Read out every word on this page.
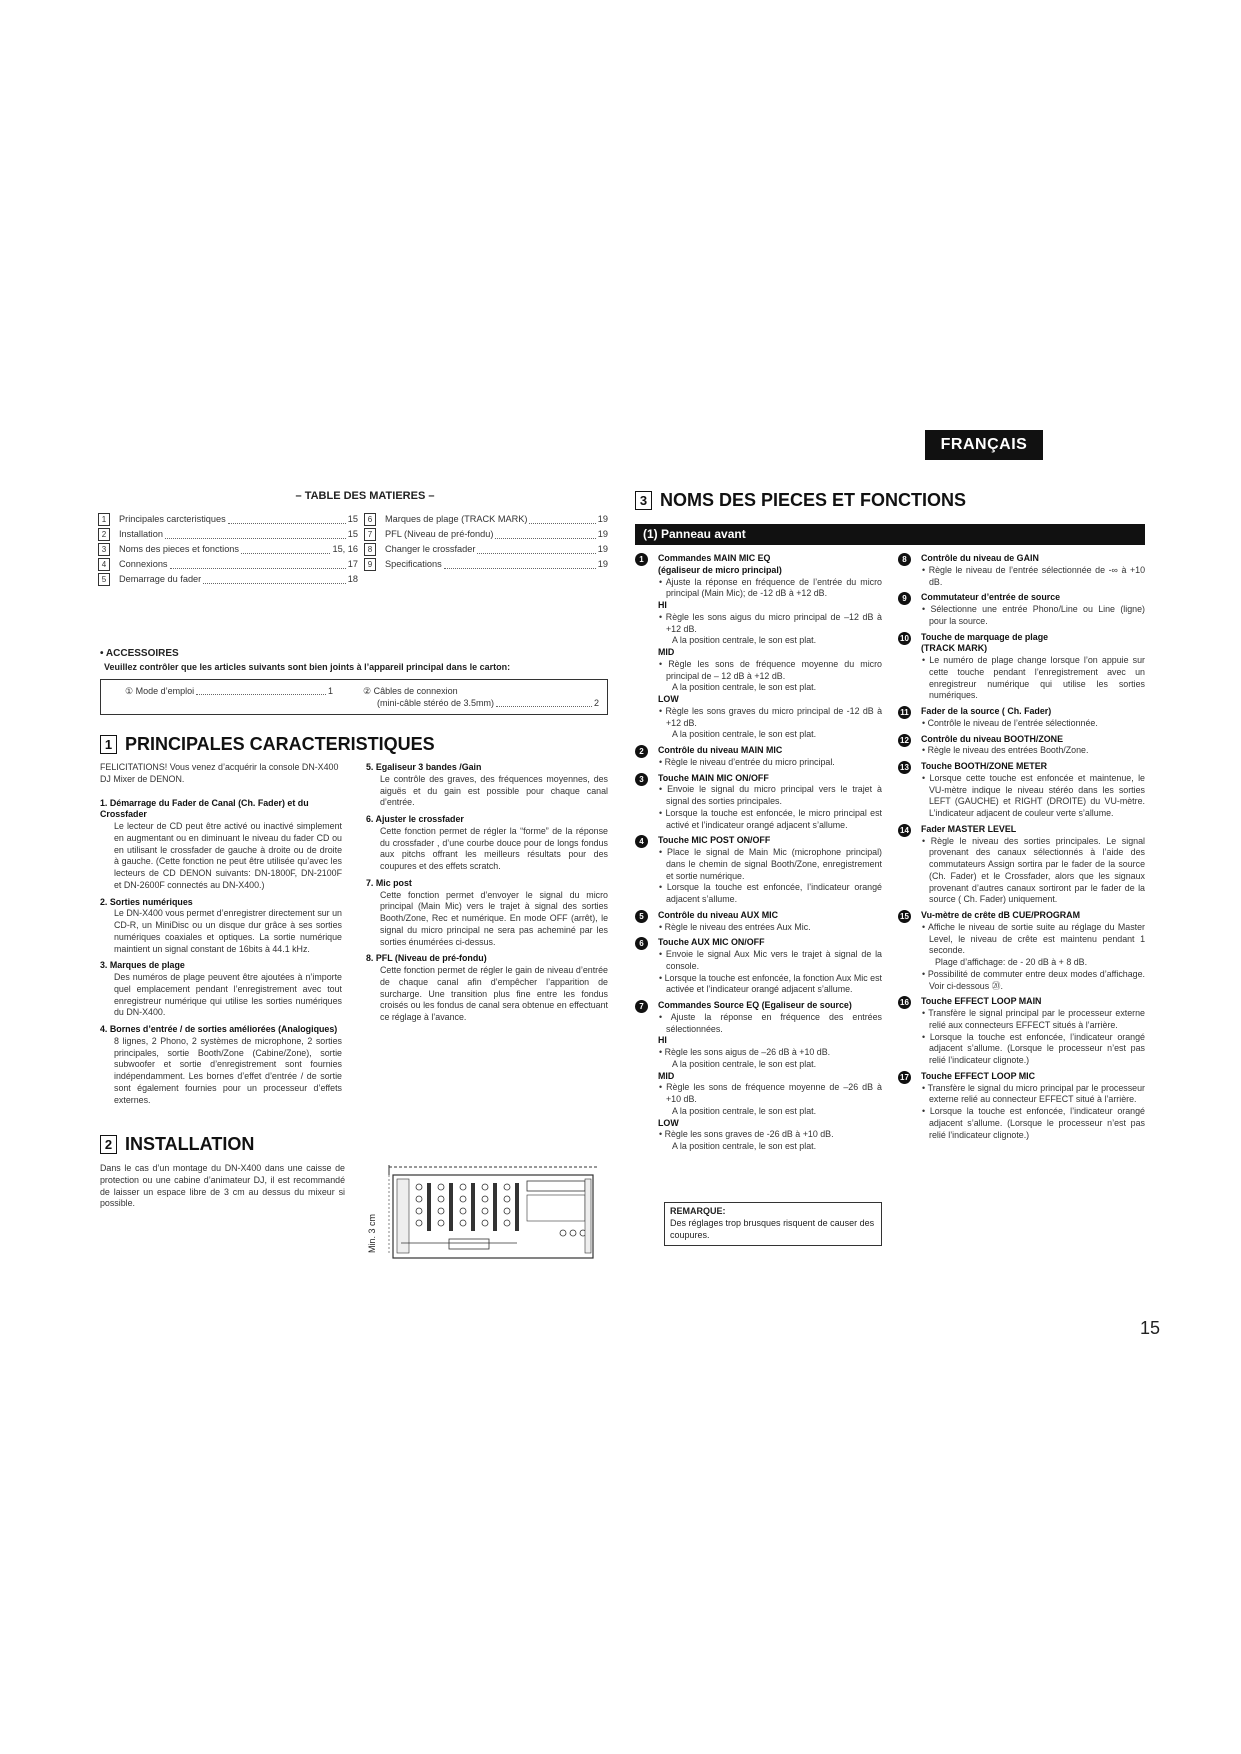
FRANÇAIS
– TABLE DES MATIERES –
1	Principales carcteristiques	15
2	Installation	15
3	Noms des pieces et fonctions	15, 16
4	Connexions	17
5	Demarrage du fader	18
6	Marques de plage (TRACK MARK)	19
7	PFL (Niveau de pré-fondu)	19
8	Changer le crossfader	19
9	Specifications	19
• ACCESSOIRES
Veuillez contrôler que les articles suivants sont bien joints à l’appareil principal dans le carton:
① Mode d’emploi	1	② Câbles de connexion
(mini-câble stéréo de 3.5mm)	2
1 PRINCIPALES CARACTERISTIQUES

FELICITATIONS! Vous venez d’acquérir la console DN-X400 DJ Mixer de DENON.

1. Démarrage du Fader de Canal (Ch. Fader) et du Crossfader
Le lecteur de CD peut être activé ou inactivé simplement en augmentant ou en diminuant le niveau du fader CD ou en utilisant le crossfader de gauche à droite ou de droite à gauche. (Cette fonction ne peut être utilisée qu’avec les lecteurs de CD DENON suivants: DN-1800F, DN-2100F et DN-2600F connectés au DN-X400.)
2. Sorties numériques
Le DN-X400 vous permet d’enregistrer directement sur un CD-R, un MiniDisc ou un disque dur grâce à ses sorties numériques coaxiales et optiques. La sortie numérique maintient un signal constant de 16bits à 44.1 kHz.
3. Marques de plage
Des numéros de plage peuvent être ajoutées à n’importe quel emplacement pendant l’enregistrement avec tout enregistreur numérique qui utilise les sorties numériques du DN-X400.
4. Bornes d’entrée / de sorties améliorées (Analogiques)
8 lignes, 2 Phono, 2 systèmes de microphone, 2 sorties principales, sortie Booth/Zone (Cabine/Zone), sortie subwoofer et sortie d’enregistrement sont fournies indépendamment. Les bornes d’effet d’entrée / de sortie sont également fournies pour un processeur d’effets externes.
5. Egaliseur 3 bandes /Gain
Le contrôle des graves, des fréquences moyennes, des aiguës et du gain est possible pour chaque canal d’entrée.
6. Ajuster le crossfader
Cette fonction permet de régler la “forme” de la réponse du crossfader , d’une courbe douce pour de longs fondus aux pitchs offrant les meilleurs résultats pour des coupures et des effets scratch.
7. Mic post
Cette fonction permet d’envoyer le signal du micro principal (Main Mic) vers le trajet à signal des sorties Booth/Zone, Rec et numérique. En mode OFF (arrêt), le signal du micro principal ne sera pas acheminé par les sorties énumérées ci-dessus.
8. PFL (Niveau de pré-fondu)
Cette fonction permet de régler le gain de niveau d’entrée de chaque canal afin d’empêcher l’apparition de surcharge. Une transition plus fine entre les fondus croisés ou les fondus de canal sera obtenue en effectuant ce réglage à l’avance.
2 INSTALLATION
Dans le cas d’un montage du DN-X400 dans une caisse de protection ou une cabine d’animateur DJ, il est recommandé de laisser un espace libre de 3 cm au dessus du mixeur si possible.
Min. 3 cm
3 NOMS DES PIECES ET FONCTIONS
(1) Panneau avant
1	Commandes MAIN MIC EQ
(égaliseur de micro principal)
• Ajuste la réponse en fréquence de l’entrée du micro principal (Main Mic); de -12 dB à +12 dB.
HI
• Règle les sons aigus du micro principal de –12 dB à +12 dB.
A la position centrale, le son est plat.
MID
• Règle les sons de fréquence moyenne du micro principal de – 12 dB à +12 dB.
A la position centrale, le son est plat.
LOW
• Règle les sons graves du micro principal de -12 dB à +12 dB.
A la position centrale, le son est plat.
2	Contrôle du niveau MAIN MIC
• Règle le niveau d’entrée du micro principal.
3	Touche MAIN MIC ON/OFF
• Envoie le signal du micro principal vers le trajet à signal des sorties principales.
• Lorsque la touche est enfoncée, le micro principal est activé et l’indicateur orangé adjacent s’allume.
4	Touche MIC POST ON/OFF
• Place le signal de Main Mic (microphone principal) dans le chemin de signal Booth/Zone, enregistrement et sortie numérique.
• Lorsque la touche est enfoncée, l’indicateur orangé adjacent s’allume.
5	Contrôle du niveau AUX MIC
• Règle le niveau des entrées Aux Mic.
6	Touche AUX MIC ON/OFF
• Envoie le signal Aux Mic vers le trajet à signal de la console.
• Lorsque la touche est enfoncée, la fonction Aux Mic est activée et l’indicateur orangé adjacent s’allume.
7	Commandes Source EQ (Egaliseur de source)
• Ajuste la réponse en fréquence des entrées sélectionnées.
HI
• Règle les sons aigus de –26 dB à +10 dB.
A la position centrale, le son est plat.
MID
• Règle les sons de fréquence moyenne de –26 dB à +10 dB.
A la position centrale, le son est plat.
LOW
• Règle les sons graves de -26 dB à +10 dB.
A la position centrale, le son est plat.
REMARQUE:
Des réglages trop brusques risquent de causer des coupures.
8	Contrôle du niveau de GAIN
• Règle le niveau de l’entrée sélectionnée de -∞ à +10 dB.
9	Commutateur d’entrée de source
• Sélectionne une entrée Phono/Line ou Line (ligne) pour la source.
10 Touche de marquage de plage
(TRACK MARK)
• Le numéro de plage change lorsque l’on appuie sur cette touche pendant l’enregistrement avec un enregistreur numérique qui utilise les sorties numériques.
11 Fader de la source ( Ch. Fader)
• Contrôle le niveau de l’entrée sélectionnée.
12 Contrôle du niveau BOOTH/ZONE
• Règle le niveau des entrées Booth/Zone.
13 Touche BOOTH/ZONE METER
• Lorsque cette touche est enfoncée et maintenue, le VU-mètre indique le niveau stéréo dans les sorties LEFT (GAUCHE) et RIGHT (DROITE) du VU-mètre. L’indicateur adjacent de couleur verte s’allume.
14 Fader MASTER LEVEL
• Règle le niveau des sorties principales. Le signal provenant des canaux sélectionnés à l’aide des commutateurs Assign sortira par le fader de la source (Ch. Fader) et le Crossfader, alors que les signaux provenant d’autres canaux sortiront par le fader de la source ( Ch. Fader) uniquement.
15 Vu-mètre de crête dB CUE/PROGRAM
• Affiche le niveau de sortie suite au réglage du Master Level, le niveau de crête est maintenu pendant 1 seconde.
Plage d’affichage: de - 20 dB à + 8 dB.
• Possibilité de commuter entre deux modes d’affichage. Voir ci-dessous ⑳.
16 Touche EFFECT LOOP MAIN
• Transfère le signal principal par le processeur externe relié aux connecteurs EFFECT situés à l’arrière.
• Lorsque la touche est enfoncée, l’indicateur orangé adjacent s’allume. (Lorsque le processeur n’est pas relié l’indicateur clignote.)
17 Touche EFFECT LOOP MIC
• Transfère le signal du micro principal par le processeur externe relié au connecteur EFFECT situé à l’arrière.
• Lorsque la touche est enfoncée, l’indicateur orangé adjacent s’allume. (Lorsque le processeur n’est pas relié l’indicateur clignote.)
15
